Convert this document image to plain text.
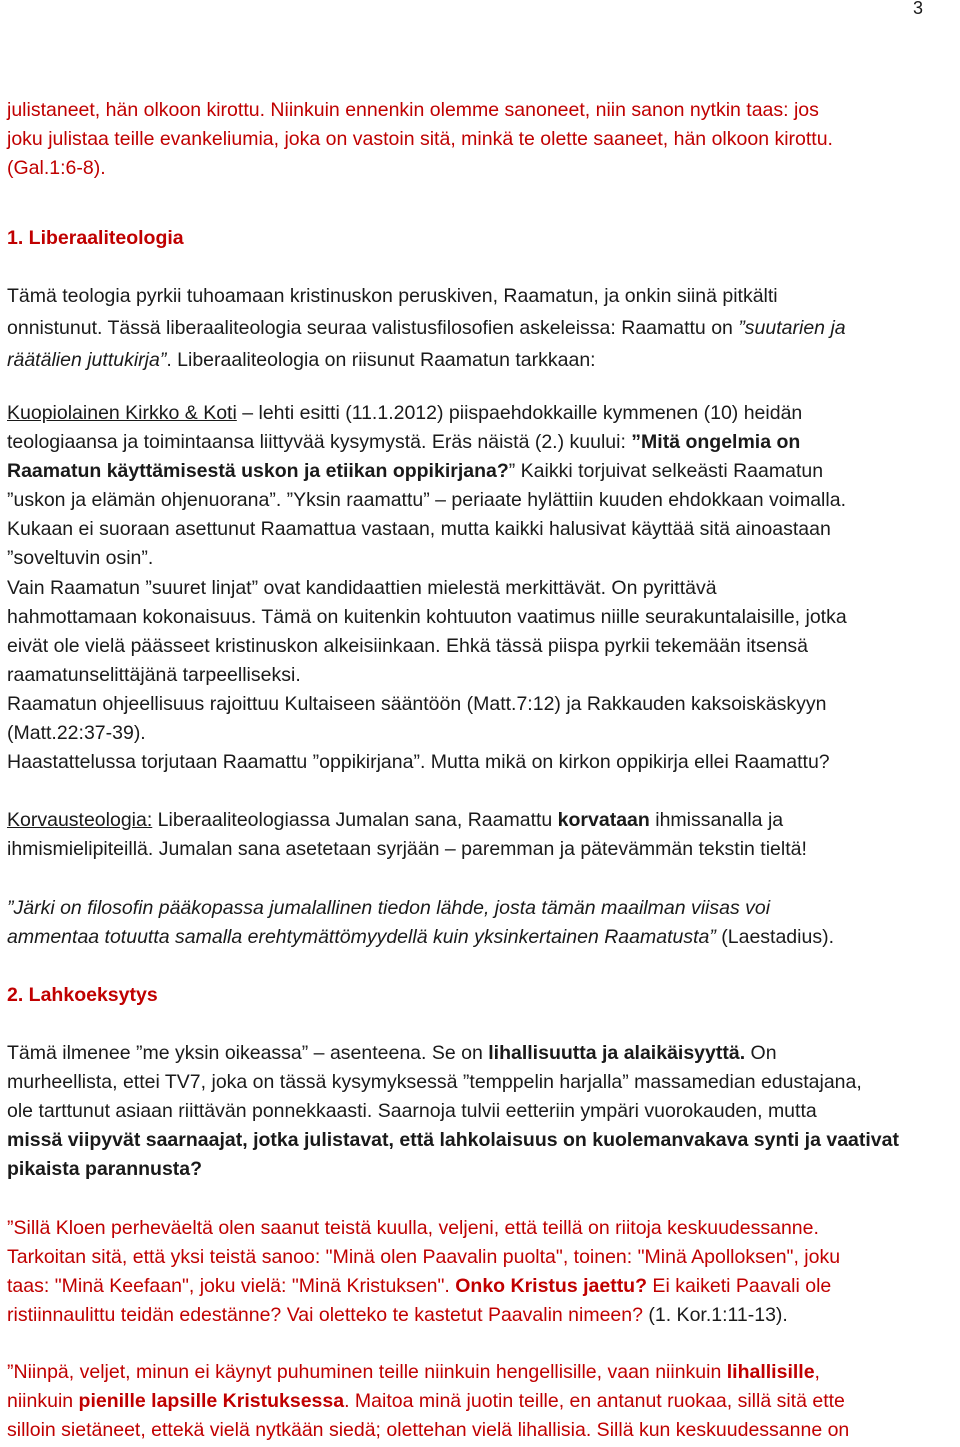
3
julistaneet, hän olkoon kirottu. Niinkuin ennenkin olemme sanoneet, niin sanon nytkin taas: jos
joku julistaa teille evankeliumia, joka on vastoin sitä, minkä te olette saaneet, hän olkoon kirottu.
(Gal.1:6-8).
1. Liberaaliteologia
Tämä teologia pyrkii tuhoamaan kristinuskon peruskiven, Raamatun, ja onkin siinä pitkälti
onnistunut. Tässä liberaaliteologia seuraa valistusfilosofien askeleissa: Raamattu on ”suutarien ja
räätälien juttukirja”. Liberaaliteologia on riisunut Raamatun tarkkaan:
Kuopiolainen Kirkko & Koti – lehti esitti (11.1.2012) piispaehdokkaille kymmenen (10) heidän
teologiaansa ja toimintaansa liittyvää kysymystä. Eräs näistä (2.) kuului: ”Mitä ongelmia on
Raamatun käyttämisestä uskon ja etiikan oppikirjana?” Kaikki torjuivat selkeästi Raamatun
”uskon ja elämän ohjenuorana”. ”Yksin raamattu” – periaate hylättiin kuuden ehdokkaan voimalla.
Kukaan ei suoraan asettunut Raamattua vastaan, mutta kaikki halusivat käyttää sitä ainoastaan
”soveltuvin osin”.
Vain Raamatun ”suuret linjat” ovat kandidaattien mielestä merkittävät. On pyrittävä
hahmottamaan kokonaisuus. Tämä on kuitenkin kohtuuton vaatimus niille seurakuntalaisille, jotka
eivät ole vielä päässeet kristinuskon alkeisiinkaan. Ehkä tässä piispa pyrkii tekemään itsensä
raamatunselittäjänä tarpeelliseksi.
Raamatun ohjeellisuus rajoittuu Kultaiseen sääntöön (Matt.7:12) ja Rakkauden kaksoiskäskyyn
(Matt.22:37-39).
Haastattelussa torjutaan Raamattu ”oppikirjana”. Mutta mikä on kirkon oppikirja ellei Raamattu?
Korvausteologia: Liberaaliteologiassa Jumalan sana, Raamattu korvataan ihmissanalla ja
ihmismielipiteillä. Jumalan sana asetetaan syrjään – paremman ja pätevämmän tekstin tieltä!
”Järki on filosofin pääkopassa jumalallinen tiedon lähde, josta tämän maailman viisas voi
ammentaa totuutta samalla erehtymättömyydellä kuin yksinkertainen Raamatusta” (Laestadius).
2. Lahkoeksytys
Tämä ilmenee ”me yksin oikeassa” – asenteena. Se on lihallisuutta ja alaikäisyyttä. On
murheellista, ettei TV7, joka on tässä kysymyksessä ”temppelin harjalla” massamedian edustajana,
ole tarttunut asiaan riittävän ponnekkaasti. Saarnoja tulvii eetteriin ympäri vuorokauden, mutta
missä viipyvät saarnaajat, jotka julistavat, että lahkolaisuus on kuolemanvakava synti ja vaativat
pikaista parannusta?
”Sillä Kloen perheväeltä olen saanut teistä kuulla, veljeni, että teillä on riitoja keskuudessanne.
Tarkoitan sitä, että yksi teistä sanoo: "Minä olen Paavalin puolta", toinen: "Minä Apolloksen", joku
taas: "Minä Keefaan", joku vielä: "Minä Kristuksen". Onko Kristus jaettu? Ei kaiketi Paavali ole
ristiinnaulittu teidän edestänne? Vai oletteko te kastetut Paavalin nimeen? (1. Kor.1:11-13).
”Niinpä, veljet, minun ei käynyt puhuminen teille niinkuin hengellisille, vaan niinkuin lihallisille,
niinkuin pienille lapsille Kristuksessa. Maitoa minä juotin teille, en antanut ruokaa, sillä sitä ette
silloin sietäneet, ettekä vielä nytkään siedä; olettehan vielä lihallisia. Sillä kun keskuudessanne on
